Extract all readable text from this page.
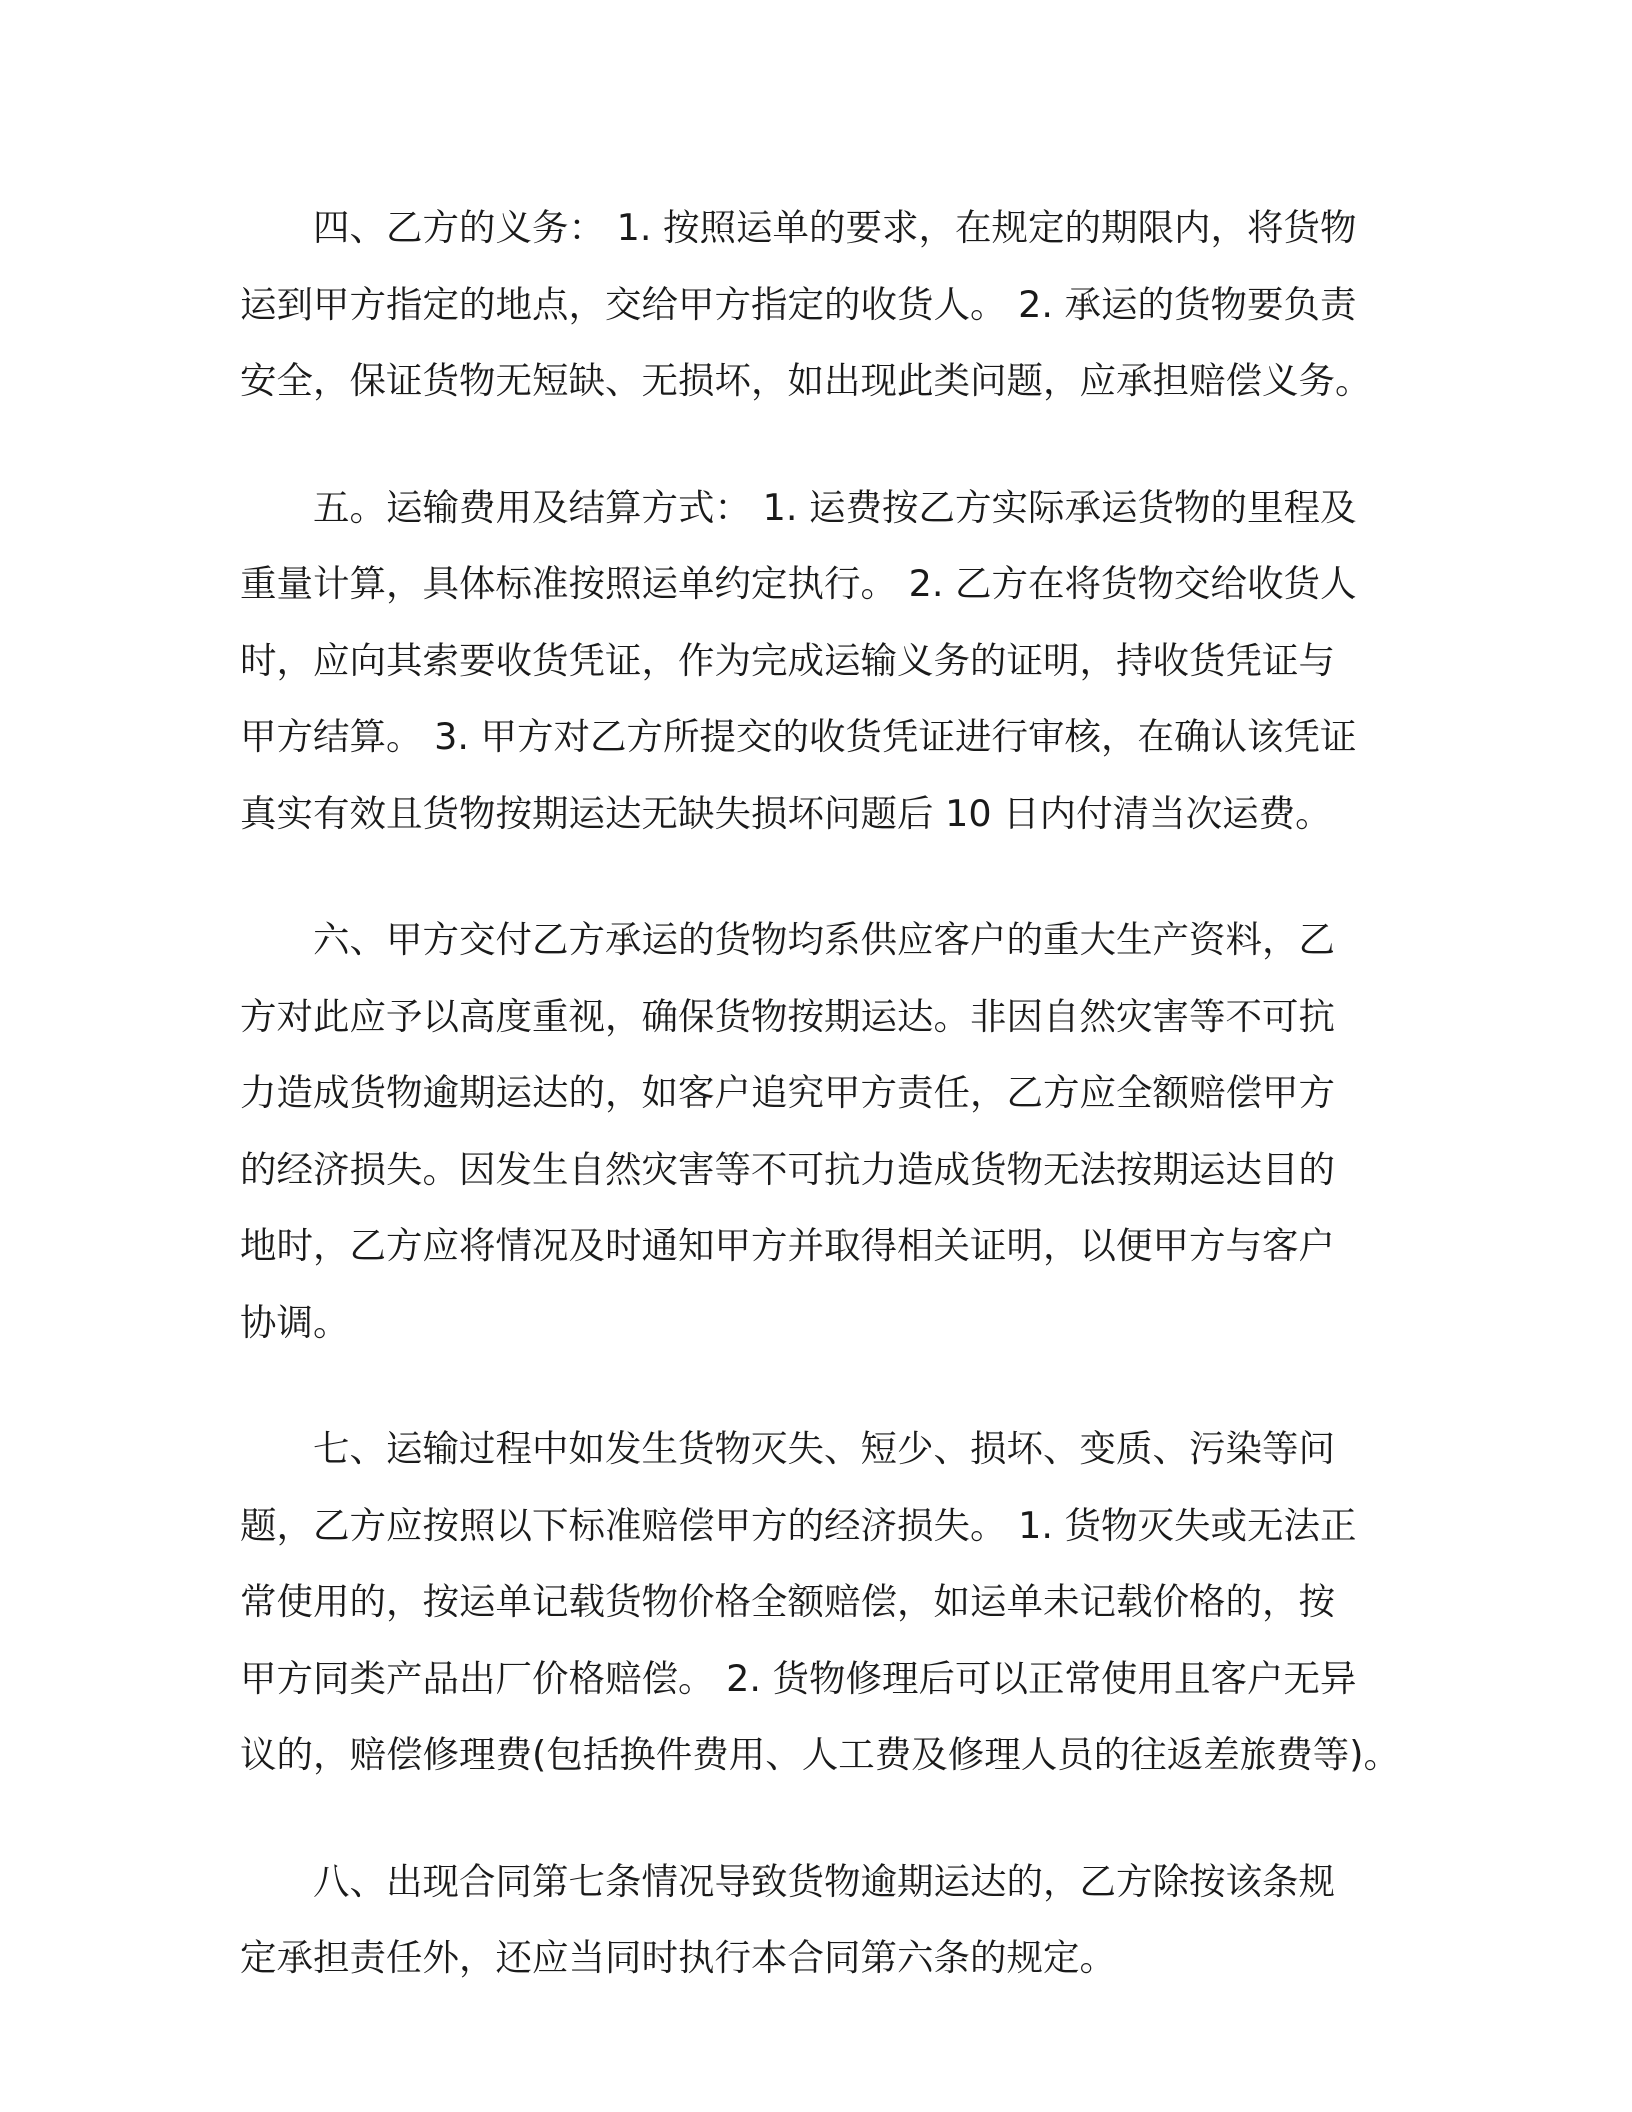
四、乙方的义务： 1. 按照运单的要求，在规定的期限内，将货物
运到甲方指定的地点，交给甲方指定的收货人。 2. 承运的货物要负责
安全，保证货物无短缺、无损坏，如出现此类问题，应承担赔偿义务。

五。运输费用及结算方式： 1. 运费按乙方实际承运货物的里程及
重量计算，具体标准按照运单约定执行。 2. 乙方在将货物交给收货人
时，应向其索要收货凭证，作为完成运输义务的证明，持收货凭证与
甲方结算。 3. 甲方对乙方所提交的收货凭证进行审核，在确认该凭证
真实有效且货物按期运达无缺失损坏问题后 10 日内付清当次运费。

六、甲方交付乙方承运的货物均系供应客户的重大生产资料，乙
方对此应予以高度重视，确保货物按期运达。非因自然灾害等不可抗
力造成货物逾期运达的，如客户追究甲方责任，乙方应全额赔偿甲方
的经济损失。因发生自然灾害等不可抗力造成货物无法按期运达目的
地时，乙方应将情况及时通知甲方并取得相关证明，以便甲方与客户
协调。

七、运输过程中如发生货物灭失、短少、损坏、变质、污染等问
题，乙方应按照以下标准赔偿甲方的经济损失。 1. 货物灭失或无法正
常使用的，按运单记载货物价格全额赔偿，如运单未记载价格的，按
甲方同类产品出厂价格赔偿。 2. 货物修理后可以正常使用且客户无异
议的，赔偿修理费(包括换件费用、人工费及修理人员的往返差旅费等)。

八、出现合同第七条情况导致货物逾期运达的，乙方除按该条规
定承担责任外，还应当同时执行本合同第六条的规定。
